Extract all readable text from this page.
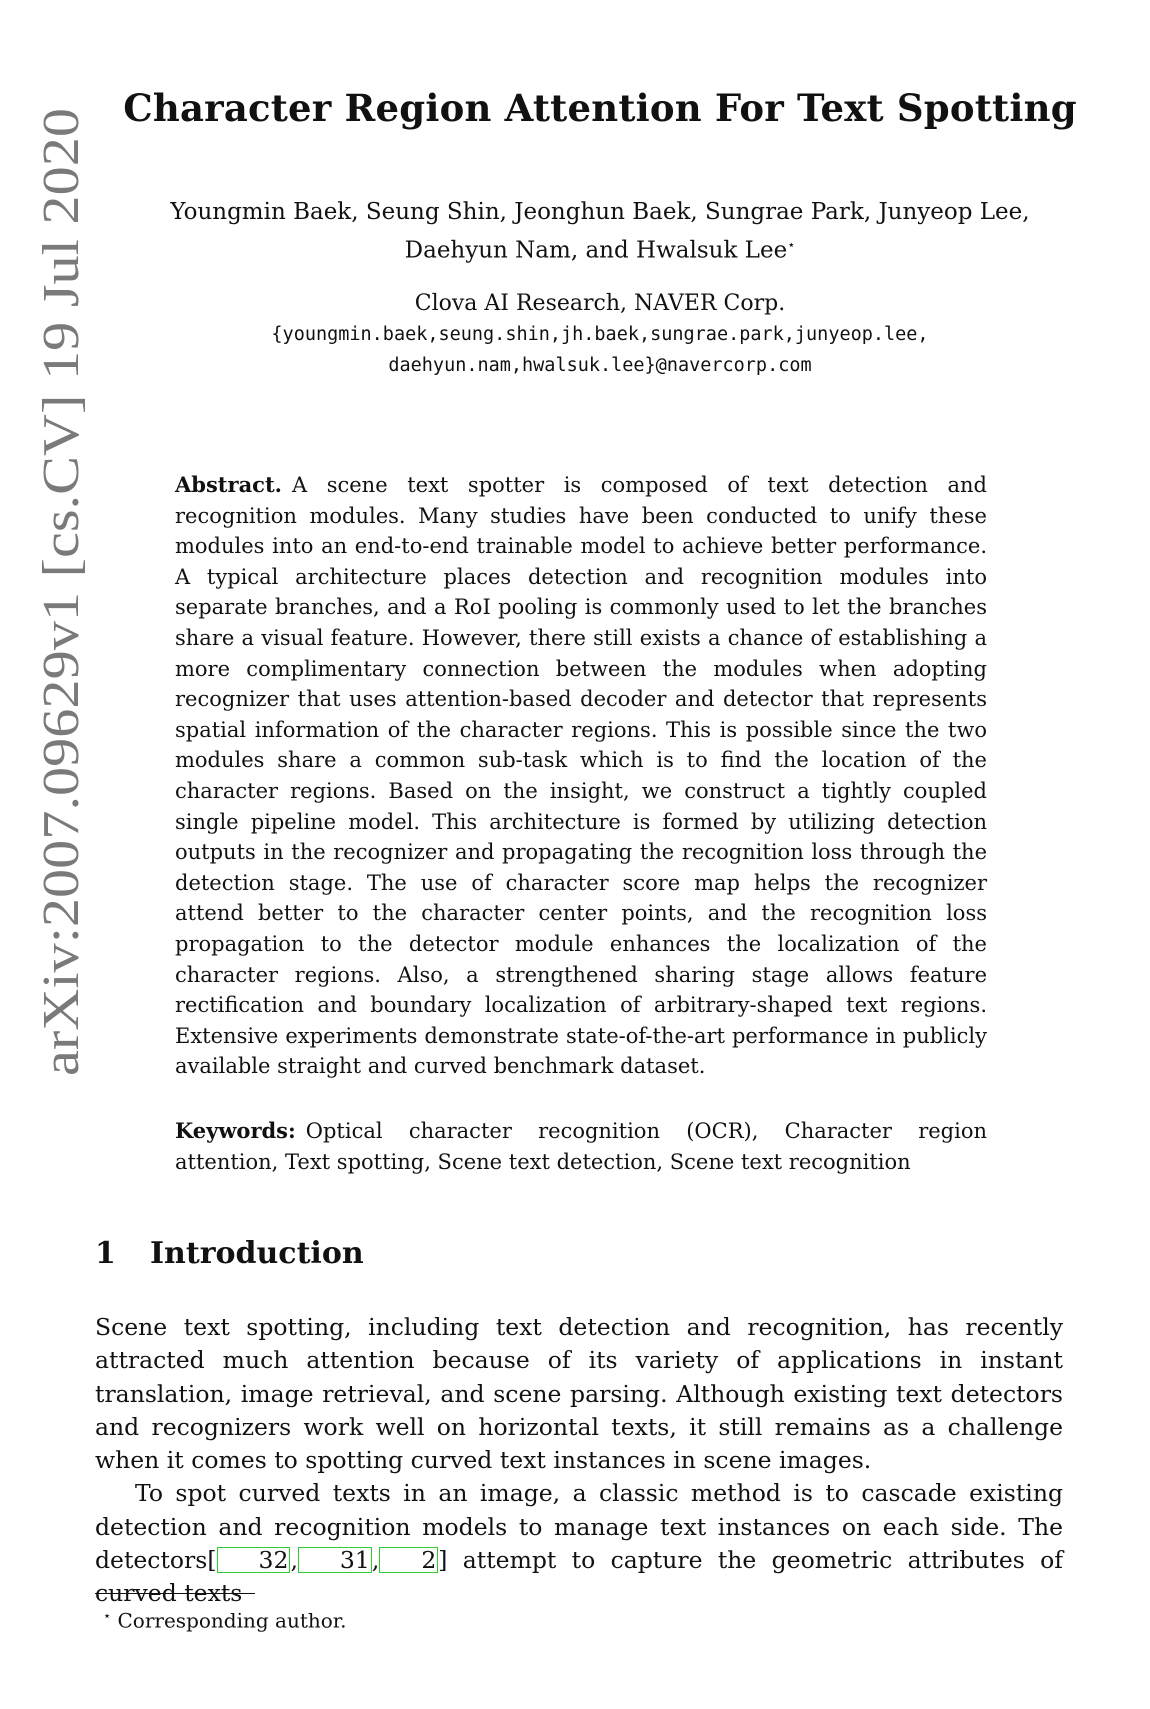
arXiv:2007.09629v1 [cs.CV] 19 Jul 2020
Character Region Attention For Text Spotting
Youngmin Baek, Seung Shin, Jeonghun Baek, Sungrae Park, Junyeop Lee,
Daehyun Nam, and Hwalsuk Lee⋆
Clova AI Research, NAVER Corp.
{youngmin.baek,seung.shin,jh.baek,sungrae.park,junyeop.lee,
daehyun.nam,hwalsuk.lee}@navercorp.com

Abstract. A scene text spotter is composed of text detection and recognition modules. Many studies have been conducted to unify these modules into an end-to-end trainable model to achieve better performance. A typical architecture places detection and recognition modules into separate branches, and a RoI pooling is commonly used to let the branches share a visual feature. However, there still exists a chance of establishing a more complimentary connection between the modules when adopting recognizer that uses attention-based decoder and detector that represents spatial information of the character regions. This is possible since the two modules share a common sub-task which is to find the location of the character regions. Based on the insight, we construct a tightly coupled single pipeline model. This architecture is formed by utilizing detection outputs in the recognizer and propagating the recognition loss through the detection stage. The use of character score map helps the recognizer attend better to the character center points, and the recognition loss propagation to the detector module enhances the localization of the character regions. Also, a strengthened sharing stage allows feature rectification and boundary localization of arbitrary-shaped text regions. Extensive experiments demonstrate state-of-the-art performance in publicly available straight and curved benchmark dataset.

Keywords: Optical character recognition (OCR), Character region attention, Text spotting, Scene text detection, Scene text recognition

1 Introduction

Scene text spotting, including text detection and recognition, has recently attracted much attention because of its variety of applications in instant translation, image retrieval, and scene parsing. Although existing text detectors and recognizers work well on horizontal texts, it still remains as a challenge when it comes to spotting curved text instances in scene images.

To spot curved texts in an image, a classic method is to cascade existing detection and recognition models to manage text instances on each side. The detectors[ 32, 31, 2] attempt to capture the geometric attributes of curved texts

⋆ Corresponding author.
